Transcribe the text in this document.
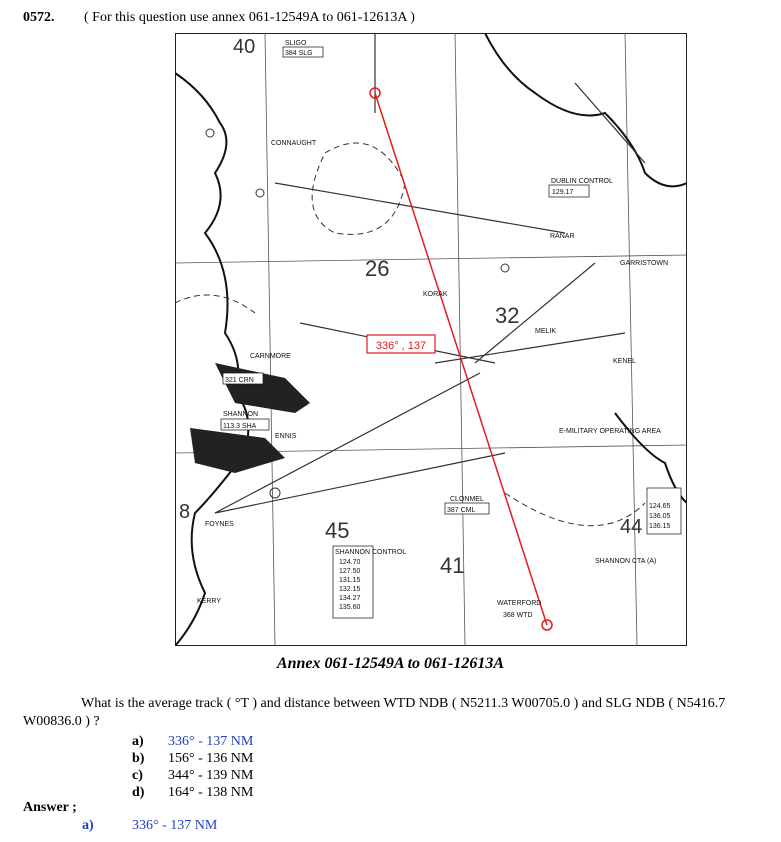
0572. ( For this question use annex 061-12549A to 061-12613A )
336° , 137
40
26
32
45
41
44
8
SLIGO
384 SLG
CONNAUGHT
KORAK
MELIK
RANAR
GARRISTOWN
KENEL
CARNMORE
321 CRN
SHANNON
113.3 SHA
ENNIS
FOYNES
KERRY
CLONMEL
387 CML
WATERFORD
368 WTD
DUBLIN CONTROL
129.17
E-MILITARY OPERATING AREA
SHANNON CTA (A)
SHANNON CONTROL
124.70
127.50
131.15
132.15
134.27
135.60
124.65
136.05
136.15
Annex 061-12549A to 061-12613A
What is the average track ( °T ) and distance between WTD NDB ( N5211.3 W00705.0 ) and SLG NDB ( N5416.7 W00836.0 ) ?
a)	336° - 137 NM
b)	156° - 136 NM
c)	344° - 139 NM
d)	164° - 138 NM
Answer ;
a)	336° - 137 NM
